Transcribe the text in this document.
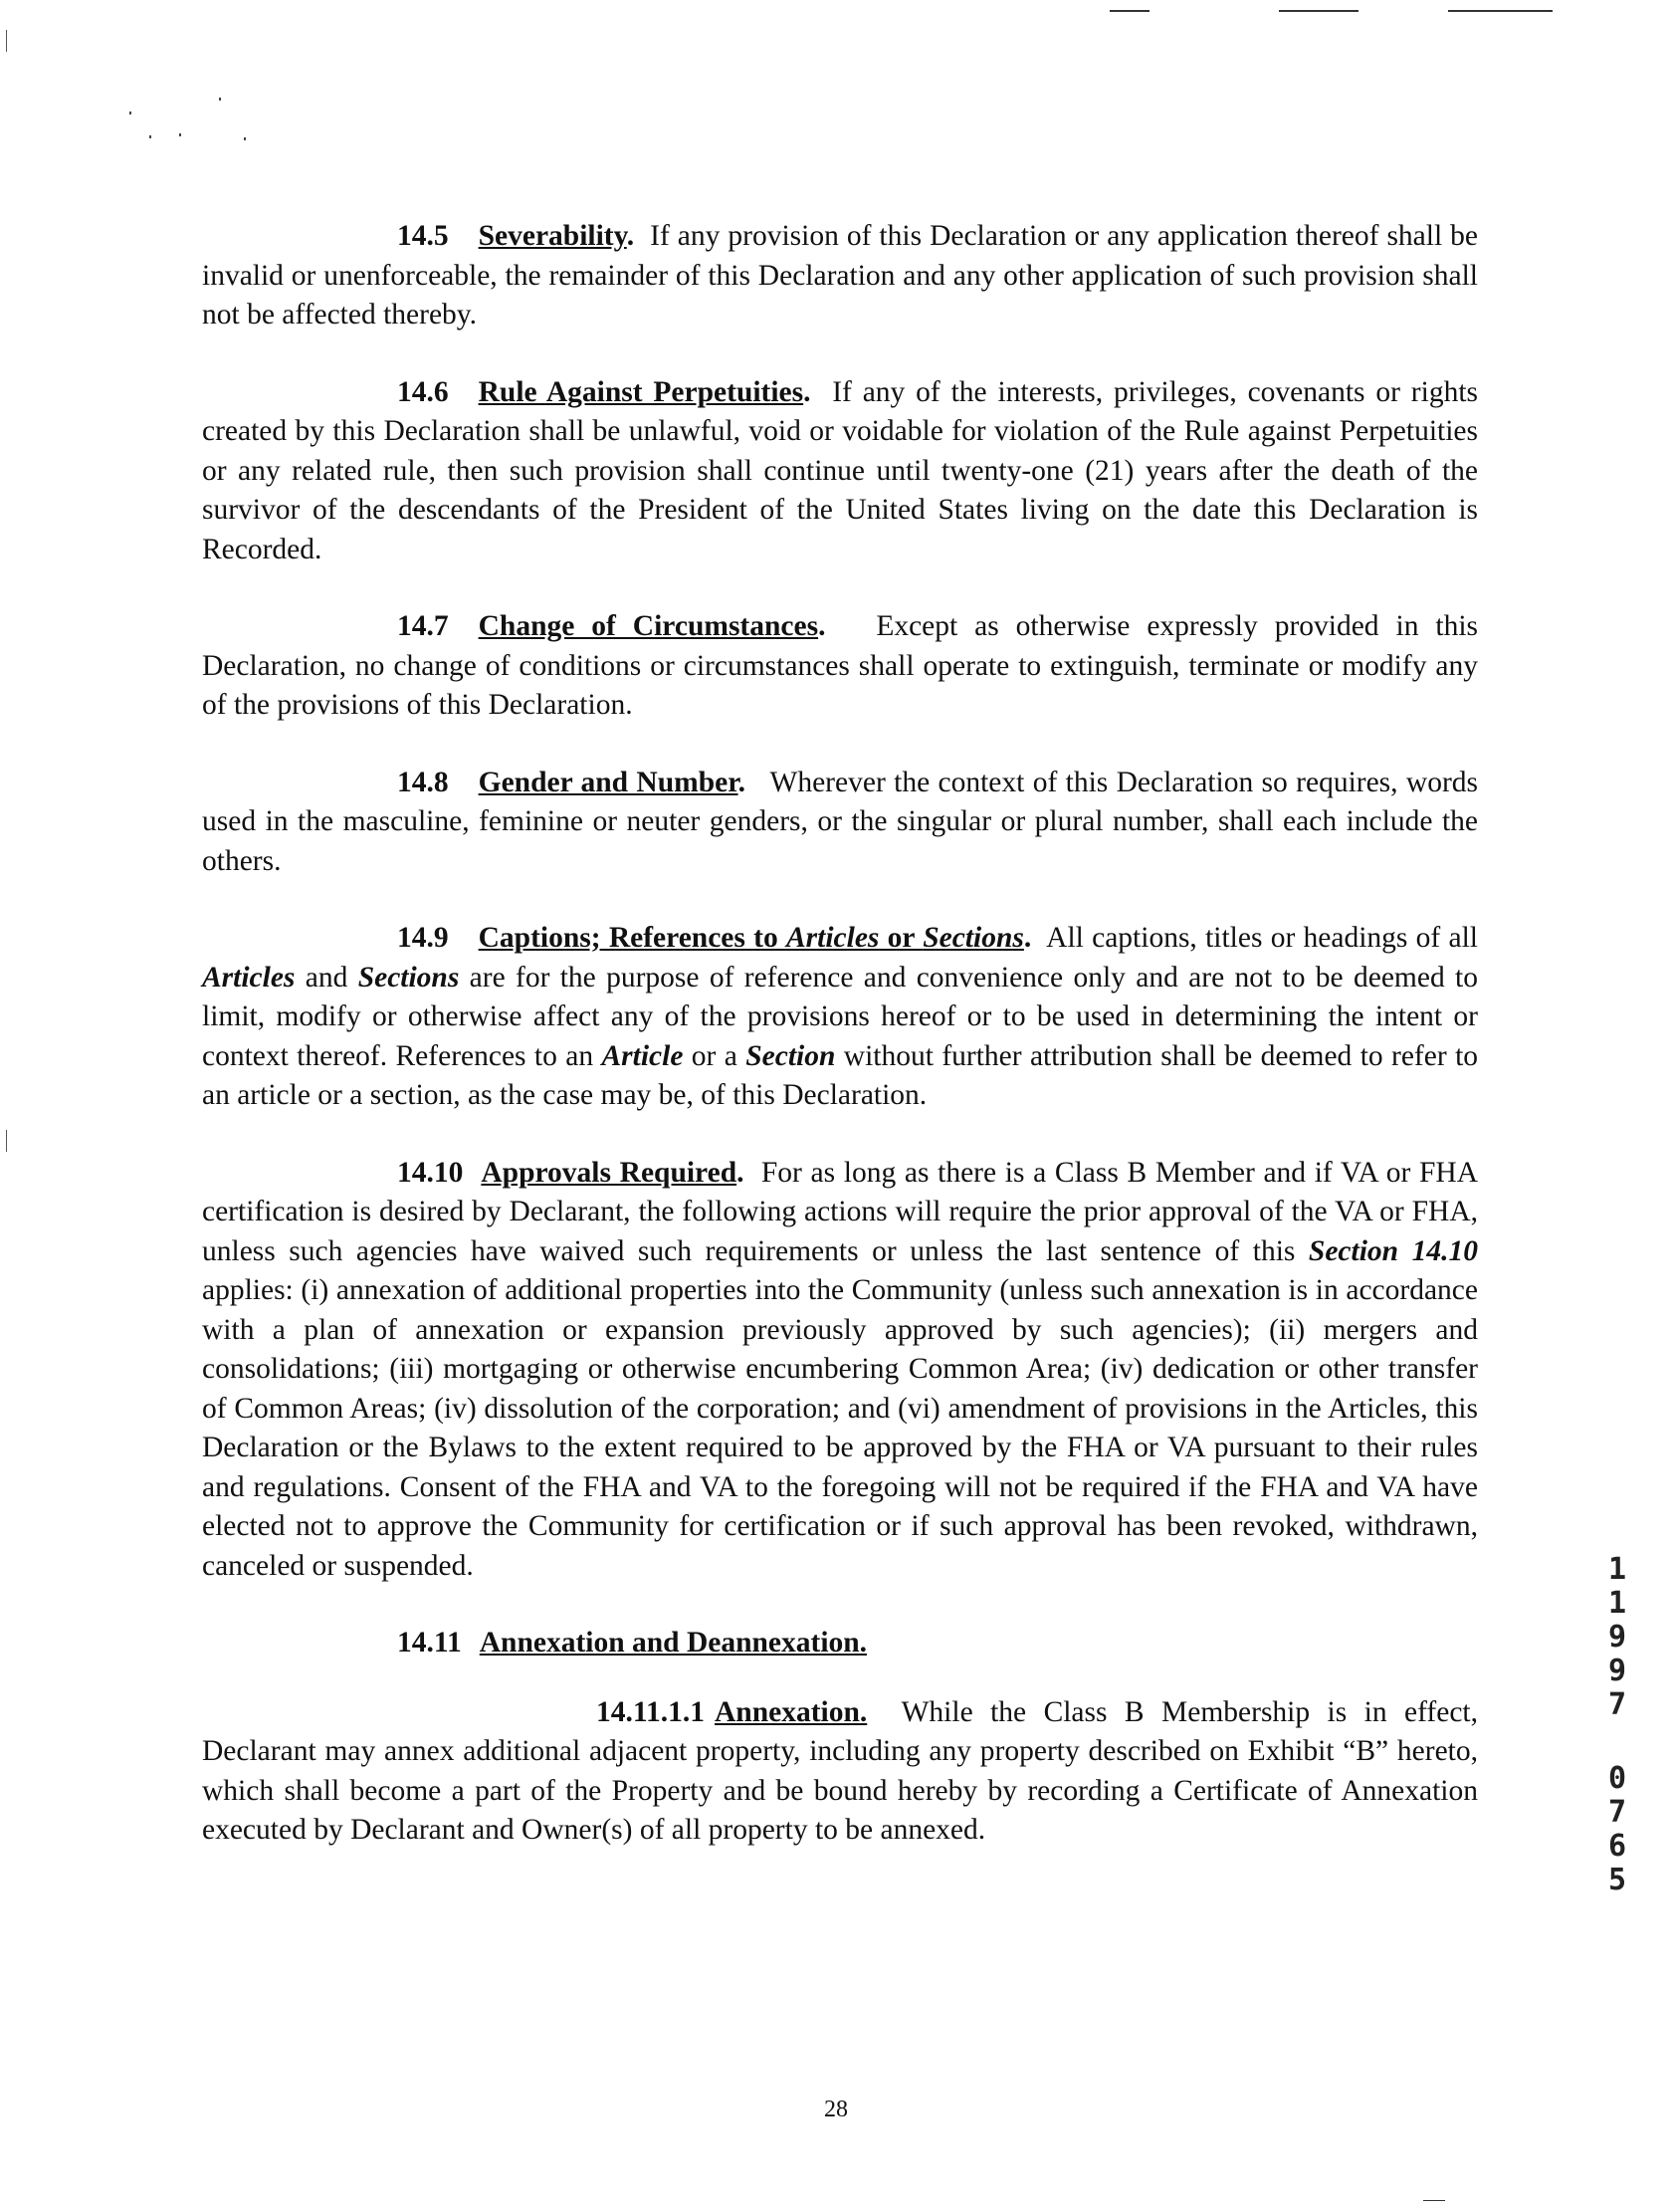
14.5 Severability. If any provision of this Declaration or any application thereof shall be invalid or unenforceable, the remainder of this Declaration and any other application of such provision shall not be affected thereby.

14.6 Rule Against Perpetuities. If any of the interests, privileges, covenants or rights created by this Declaration shall be unlawful, void or voidable for violation of the Rule against Perpetuities or any related rule, then such provision shall continue until twenty-one (21) years after the death of the survivor of the descendants of the President of the United States living on the date this Declaration is Recorded.

14.7 Change of Circumstances. Except as otherwise expressly provided in this Declaration, no change of conditions or circumstances shall operate to extinguish, terminate or modify any of the provisions of this Declaration.

14.8 Gender and Number. Wherever the context of this Declaration so requires, words used in the masculine, feminine or neuter genders, or the singular or plural number, shall each include the others.

14.9 Captions; References to Articles or Sections. All captions, titles or headings of all Articles and Sections are for the purpose of reference and convenience only and are not to be deemed to limit, modify or otherwise affect any of the provisions hereof or to be used in determining the intent or context thereof. References to an Article or a Section without further attribution shall be deemed to refer to an article or a section, as the case may be, of this Declaration.

14.10 Approvals Required. For as long as there is a Class B Member and if VA or FHA certification is desired by Declarant, the following actions will require the prior approval of the VA or FHA, unless such agencies have waived such requirements or unless the last sentence of this Section 14.10 applies: (i) annexation of additional properties into the Community (unless such annexation is in accordance with a plan of annexation or expansion previously approved by such agencies); (ii) mergers and consolidations; (iii) mortgaging or otherwise encumbering Common Area; (iv) dedication or other transfer of Common Areas; (iv) dissolution of the corporation; and (vi) amendment of provisions in the Articles, this Declaration or the Bylaws to the extent required to be approved by the FHA or VA pursuant to their rules and regulations. Consent of the FHA and VA to the foregoing will not be required if the FHA and VA have elected not to approve the Community for certification or if such approval has been revoked, withdrawn, canceled or suspended.

14.11 Annexation and Deannexation.

14.11.1.1 Annexation. While the Class B Membership is in effect, Declarant may annex additional adjacent property, including any property described on Exhibit “B” hereto, which shall become a part of the Property and be bound hereby by recording a Certificate of Annexation executed by Declarant and Owner(s) of all property to be annexed.

1
1
9
9
7
0
7
6
5
28
